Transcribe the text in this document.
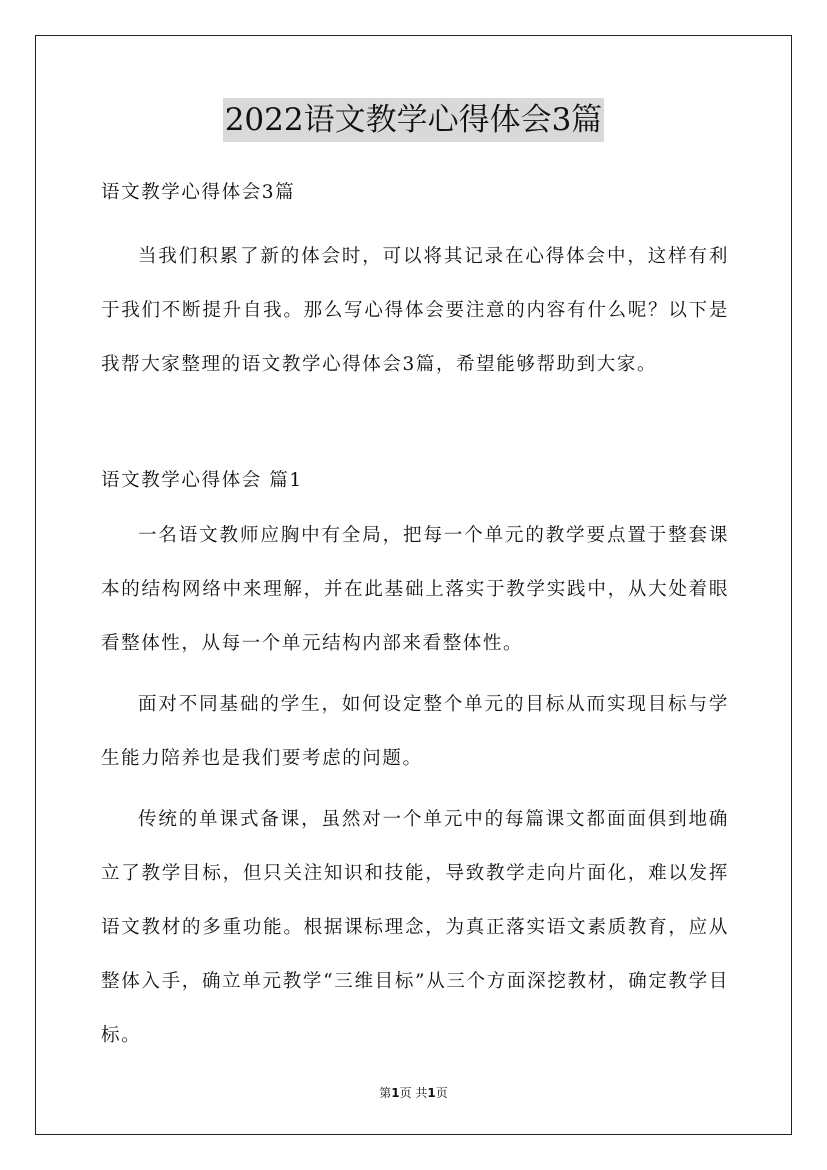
2022语文教学心得体会3篇

语文教学心得体会3篇

当我们积累了新的体会时，可以将其记录在心得体会中，这样有利于我们不断提升自我。那么写心得体会要注意的内容有什么呢？以下是我帮大家整理的语文教学心得体会3篇，希望能够帮助到大家。

语文教学心得体会 篇1

一名语文教师应胸中有全局，把每一个单元的教学要点置于整套课本的结构网络中来理解，并在此基础上落实于教学实践中，从大处着眼看整体性，从每一个单元结构内部来看整体性。

面对不同基础的学生，如何设定整个单元的目标从而实现目标与学生能力陪养也是我们要考虑的问题。

传统的单课式备课，虽然对一个单元中的每篇课文都面面俱到地确立了教学目标，但只关注知识和技能，导致教学走向片面化，难以发挥语文教材的多重功能。根据课标理念，为真正落实语文素质教育，应从整体入手，确立单元教学“三维目标”从三个方面深挖教材，确定教学目标。

第1页 共1页
